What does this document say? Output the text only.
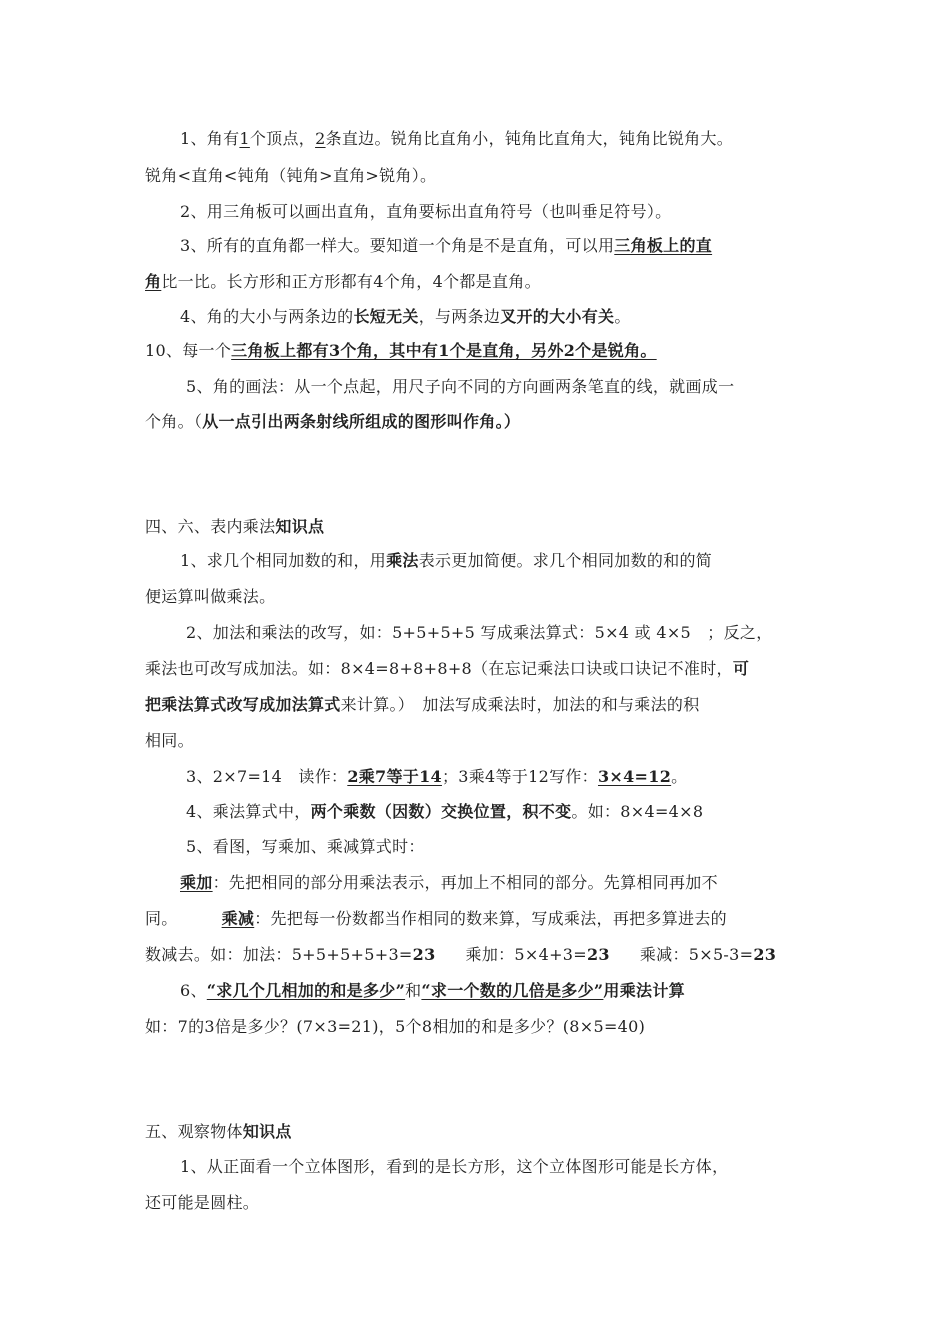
1、角有1个顶点，2条直边。锐角比直角小，钝角比直角大，钝角比锐角大。
锐角<直角<钝角（钝角>直角>锐角）。
2、用三角板可以画出直角，直角要标出直角符号（也叫垂足符号）。
3、所有的直角都一样大。要知道一个角是不是直角，可以用三角板上的直
角比一比。长方形和正方形都有4个角，4个都是直角。
4、角的大小与两条边的长短无关，与两条边叉开的大小有关。
10、每一个三角板上都有3个角，其中有1个是直角，另外2个是锐角。
5、角的画法：从一个点起，用尺子向不同的方向画两条笔直的线，就画成一
个角。（从一点引出两条射线所组成的图形叫作角。）
四、六、表内乘法知识点
1、求几个相同加数的和，用乘法表示更加简便。求几个相同加数的和的简
便运算叫做乘法。
2、加法和乘法的改写，如：5+5+5+5 写成乘法算式：5×4 或 4×5　；反之，
乘法也可改写成加法。如：8×4=8+8+8+8（在忘记乘法口诀或口诀记不准时，可
把乘法算式改写成加法算式来计算。）　加法写成乘法时，加法的和与乘法的积
相同。
3、2×7=14　读作：2乘7等于14；3乘4等于12写作：3×4=12。
4、乘法算式中，两个乘数（因数）交换位置，积不变。如：8×4=4×8
5、看图，写乘加、乘减算式时：
乘加：先把相同的部分用乘法表示，再加上不相同的部分。先算相同再加不
同。	乘减：先把每一份数都当作相同的数来算，写成乘法，再把多算进去的
数减去。如：加法：5+5+5+5+3=23 乘加：5×4+3=23 乘减：5×5-3=23
6、“求几个几相加的和是多少”和“求一个数的几倍是多少”用乘法计算
如：7的3倍是多少？(7×3=21)，5个8相加的和是多少？(8×5=40)
五、观察物体知识点
1、从正面看一个立体图形，看到的是长方形，这个立体图形可能是长方体，
还可能是圆柱。
